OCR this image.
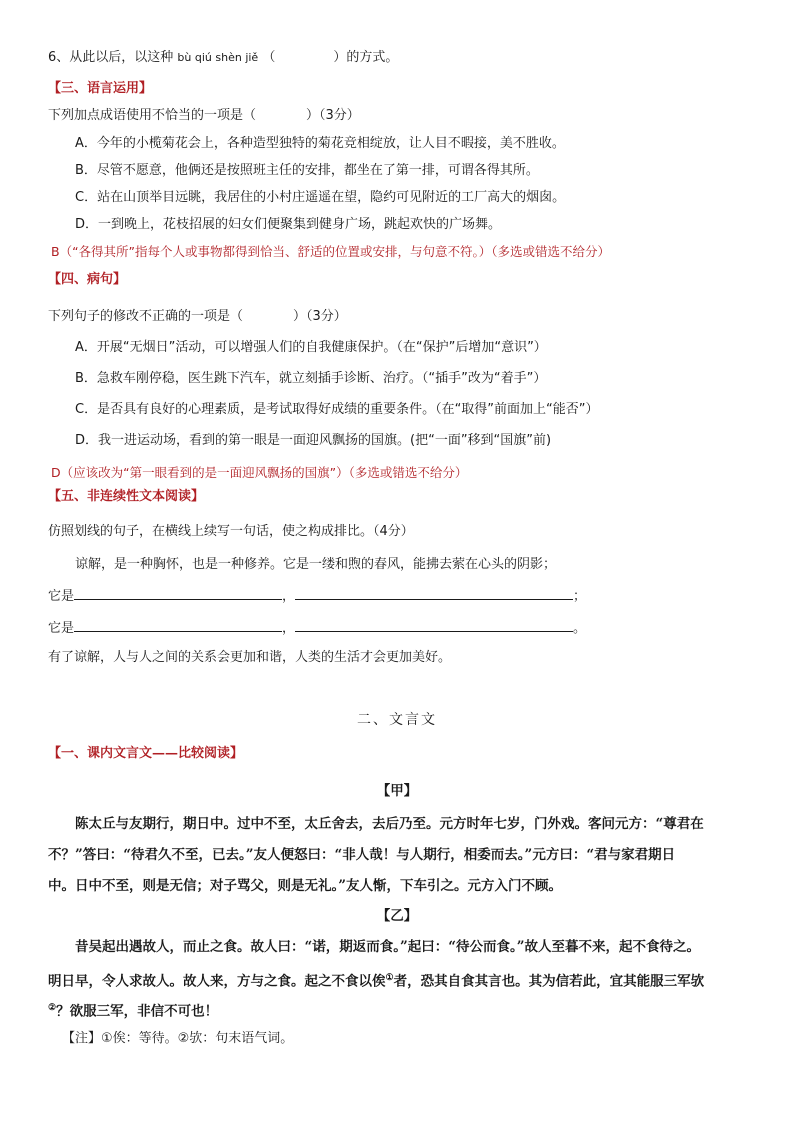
6、从此以后，以这种 bù qiú shèn jiě （	）的方式。
【三、语言运用】
下列加点成语使用不恰当的一项是（	）（3分）
A．今年的小榄菊花会上，各种造型独特的菊花竞相绽放，让人目不暇接，美不胜收。
B．尽管不愿意，他俩还是按照班主任的安排，都坐在了第一排，可谓各得其所。
C．站在山顶举目远眺，我居住的小村庄遥遥在望，隐约可见附近的工厂高大的烟囱。
D．一到晚上，花枝招展的妇女们便聚集到健身广场，跳起欢快的广场舞。
B（“各得其所”指每个人或事物都得到恰当、舒适的位置或安排，与句意不符。）（多选或错选不给分）
【四、病句】
下列句子的修改不正确的一项是（	）（3分）
A．开展“无烟日”活动，可以增强人们的自我健康保护。（在“保护”后增加“意识”）
B．急救车刚停稳，医生跳下汽车，就立刻插手诊断、治疗。（“插手”改为“着手”）
C．是否具有良好的心理素质，是考试取得好成绩的重要条件。（在“取得”前面加上“能否”）
D．我一进运动场，看到的第一眼是一面迎风飘扬的国旗。(把“一面”移到“国旗”前)
D（应该改为“第一眼看到的是一面迎风飘扬的国旗”）（多选或错选不给分）
【五、非连续性文本阅读】
仿照划线的句子，在横线上续写一句话，使之构成排比。（4分）
谅解，是一种胸怀，也是一种修养。它是一缕和煦的春风，能拂去萦在心头的阴影；
它是	，	；
它是	，	。
有了谅解，人与人之间的关系会更加和谐，人类的生活才会更加美好。
二、文言文
【一、课内文言文——比较阅读】
【甲】
陈太丘与友期行，期日中。过中不至，太丘舍去，去后乃至。元方时年七岁，门外戏。客问元方：“尊君在
不？”答曰：“待君久不至，已去。”友人便怒曰：“非人哉！与人期行，相委而去。”元方曰：“君与家君期日
中。日中不至，则是无信；对子骂父，则是无礼。”友人惭，下车引之。元方入门不顾。
【乙】
昔吴起出遇故人，而止之食。故人曰：“诺，期返而食。”起曰：“待公而食。”故人至暮不来，起不食待之。
明日早，令人求故人。故人来，方与之食。起之不食以俟①者，恐其自食其言也。其为信若此，宜其能服三军欤
②？欲服三军，非信不可也！
【注】①俟：等待。②欤：句末语气词。
